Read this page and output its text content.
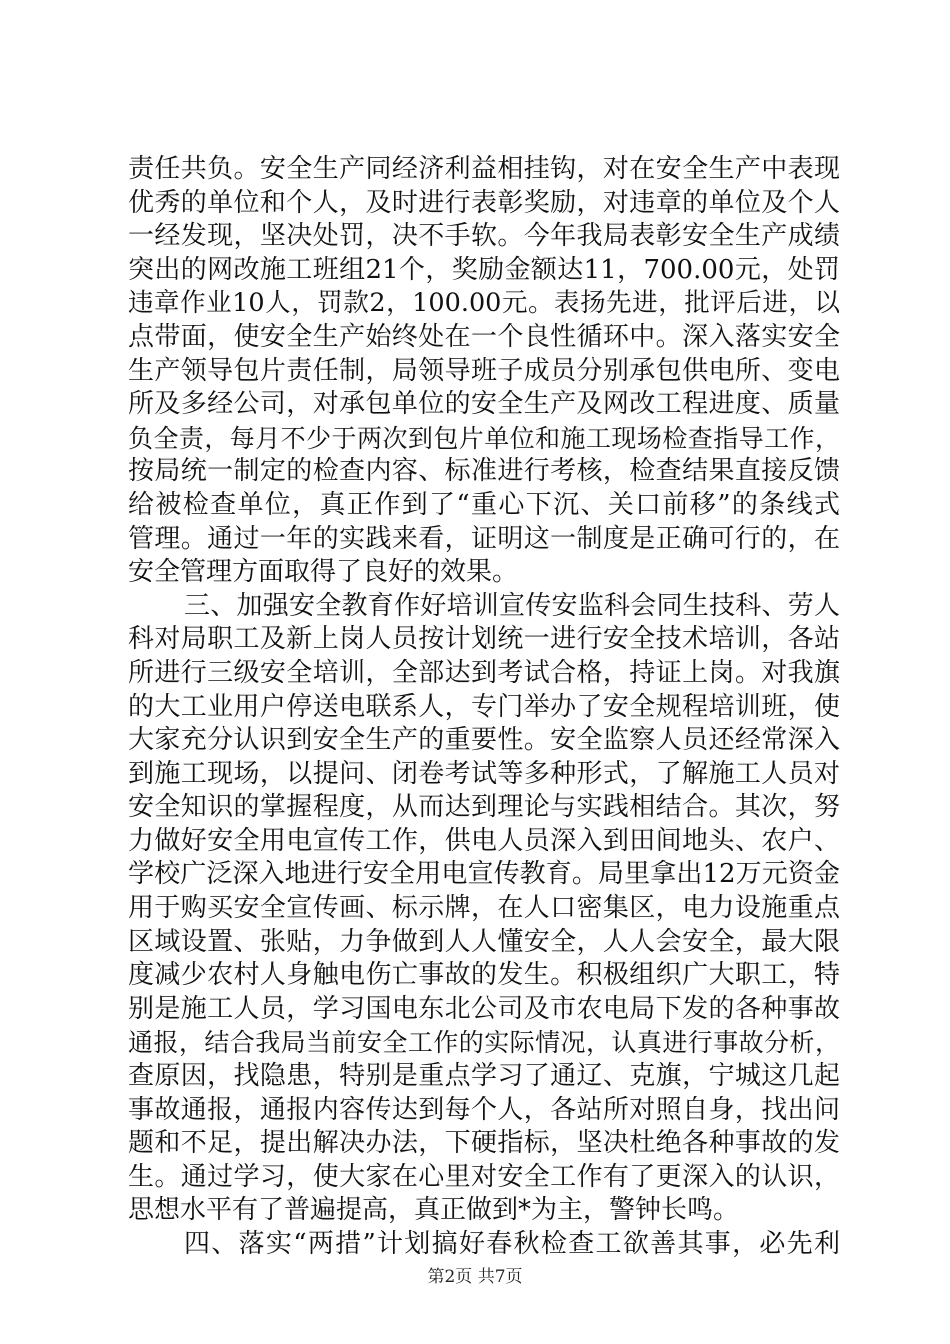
责任共负。安全生产同经济利益相挂钩，对在安全生产中表现
优秀的单位和个人，及时进行表彰奖励，对违章的单位及个人
一经发现，坚决处罚，决不手软。今年我局表彰安全生产成绩
突出的网改施工班组21个，奖励金额达11，700.00元，处罚
违章作业10人，罚款2，100.00元。表扬先进，批评后进，以
点带面，使安全生产始终处在一个良性循环中。深入落实安全
生产领导包片责任制，局领导班子成员分别承包供电所、变电
所及多经公司，对承包单位的安全生产及网改工程进度、质量
负全责，每月不少于两次到包片单位和施工现场检查指导工作，
按局统一制定的检查内容、标准进行考核，检查结果直接反馈
给被检查单位，真正作到了“重心下沉、关口前移”的条线式
管理。通过一年的实践来看，证明这一制度是正确可行的，在
安全管理方面取得了良好的效果。
三、加强安全教育作好培训宣传安监科会同生技科、劳人
科对局职工及新上岗人员按计划统一进行安全技术培训，各站
所进行三级安全培训，全部达到考试合格，持证上岗。对我旗
的大工业用户停送电联系人，专门举办了安全规程培训班，使
大家充分认识到安全生产的重要性。安全监察人员还经常深入
到施工现场，以提问、闭卷考试等多种形式，了解施工人员对
安全知识的掌握程度，从而达到理论与实践相结合。其次，努
力做好安全用电宣传工作，供电人员深入到田间地头、农户、
学校广泛深入地进行安全用电宣传教育。局里拿出12万元资金
用于购买安全宣传画、标示牌，在人口密集区，电力设施重点
区域设置、张贴，力争做到人人懂安全，人人会安全，最大限
度减少农村人身触电伤亡事故的发生。积极组织广大职工，特
别是施工人员，学习国电东北公司及市农电局下发的各种事故
通报，结合我局当前安全工作的实际情况，认真进行事故分析，
查原因，找隐患，特别是重点学习了通辽、克旗，宁城这几起
事故通报，通报内容传达到每个人，各站所对照自身，找出问
题和不足，提出解决办法，下硬指标，坚决杜绝各种事故的发
生。通过学习，使大家在心里对安全工作有了更深入的认识，
思想水平有了普遍提高，真正做到*为主，警钟长鸣。
四、落实“两措”计划搞好春秋检查工欲善其事，必先利
第2页 共7页
